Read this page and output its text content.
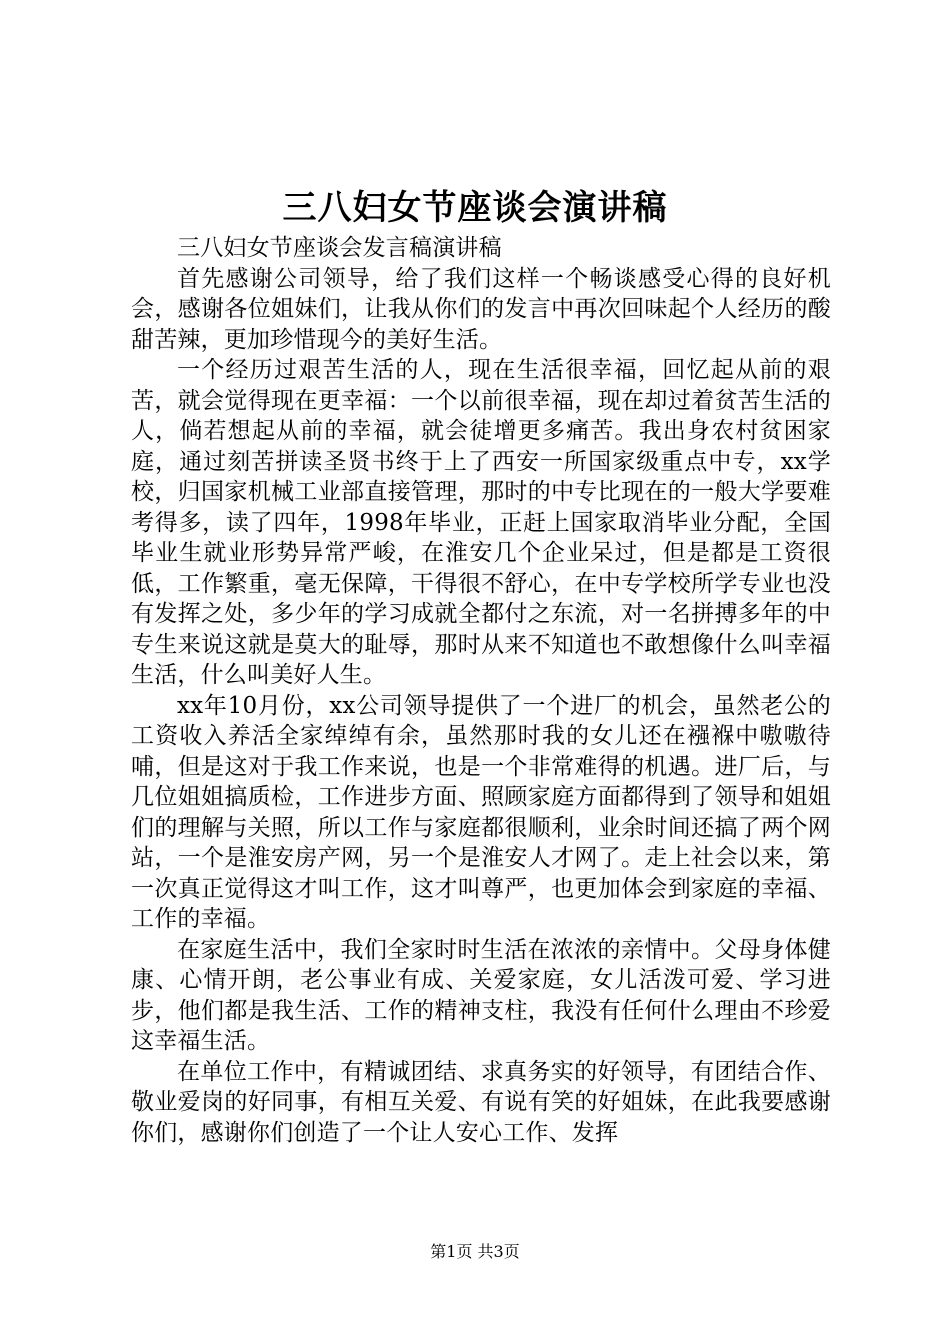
三八妇女节座谈会演讲稿

三八妇女节座谈会发言稿演讲稿

首先感谢公司领导，给了我们这样一个畅谈感受心得的良好机会，感谢各位姐妹们，让我从你们的发言中再次回味起个人经历的酸甜苦辣，更加珍惜现今的美好生活。

一个经历过艰苦生活的人，现在生活很幸福，回忆起从前的艰苦，就会觉得现在更幸福：一个以前很幸福，现在却过着贫苦生活的人，倘若想起从前的幸福，就会徒增更多痛苦。我出身农村贫困家庭，通过刻苦拼读圣贤书终于上了西安一所国家级重点中专，xx学校，归国家机械工业部直接管理，那时的中专比现在的一般大学要难考得多，读了四年，1998年毕业，正赶上国家取消毕业分配，全国毕业生就业形势异常严峻，在淮安几个企业呆过，但是都是工资很低，工作繁重，毫无保障，干得很不舒心，在中专学校所学专业也没有发挥之处，多少年的学习成就全都付之东流，对一名拼搏多年的中专生来说这就是莫大的耻辱，那时从来不知道也不敢想像什么叫幸福生活，什么叫美好人生。

xx年10月份，xx公司领导提供了一个进厂的机会，虽然老公的工资收入养活全家绰绰有余，虽然那时我的女儿还在襁褓中嗷嗷待哺，但是这对于我工作来说，也是一个非常难得的机遇。进厂后，与几位姐姐搞质检，工作进步方面、照顾家庭方面都得到了领导和姐姐们的理解与关照，所以工作与家庭都很顺利，业余时间还搞了两个网站，一个是淮安房产网，另一个是淮安人才网了。走上社会以来，第一次真正觉得这才叫工作，这才叫尊严，也更加体会到家庭的幸福、工作的幸福。

在家庭生活中，我们全家时时生活在浓浓的亲情中。父母身体健康、心情开朗，老公事业有成、关爱家庭，女儿活泼可爱、学习进步，他们都是我生活、工作的精神支柱，我没有任何什么理由不珍爱这幸福生活。

在单位工作中，有精诚团结、求真务实的好领导，有团结合作、敬业爱岗的好同事，有相互关爱、有说有笑的好姐妹，在此我要感谢你们，感谢你们创造了一个让人安心工作、发挥

第1页 共3页
